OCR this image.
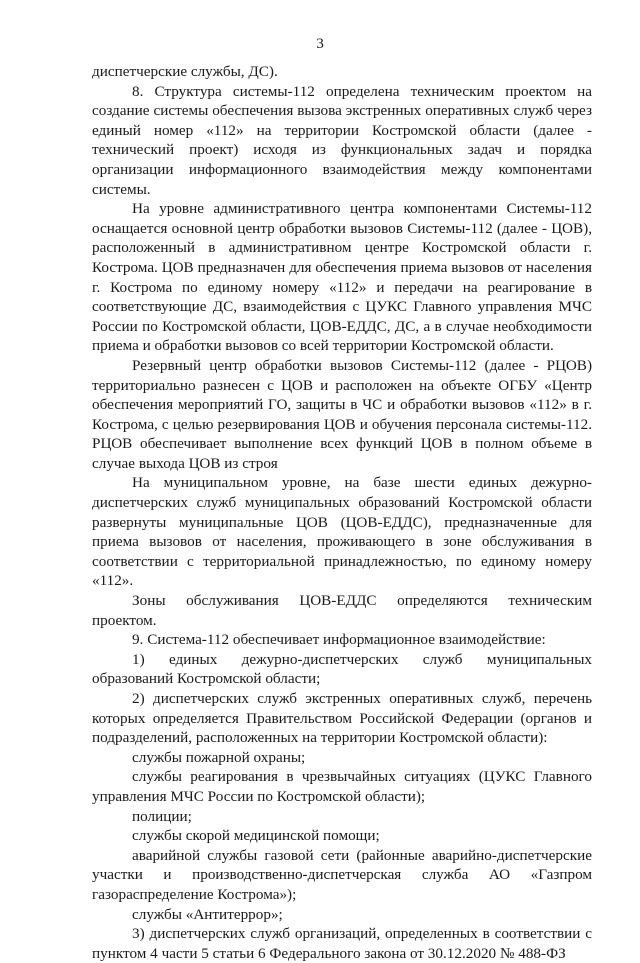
3

диспетчерские службы, ДС).

8. Структура системы-112 определена техническим проектом на создание системы обеспечения вызова экстренных оперативных служб через единый номер «112» на территории Костромской области (далее - технический проект) исходя из функциональных задач и порядка организации информационного взаимодействия между компонентами системы.

На уровне административного центра компонентами Системы-112 оснащается основной центр обработки вызовов Системы-112 (далее - ЦОВ), расположенный в административном центре Костромской области г. Кострома. ЦОВ предназначен для обеспечения приема вызовов от населения г. Кострома по единому номеру «112» и передачи на реагирование в соответствующие ДС, взаимодействия с ЦУКС Главного управления МЧС России по Костромской области, ЦОВ-ЕДДС, ДС, а в случае необходимости приема и обработки вызовов со всей территории Костромской области.

Резервный центр обработки вызовов Системы-112 (далее - РЦОВ) территориально разнесен с ЦОВ и расположен на объекте ОГБУ «Центр обеспечения мероприятий ГО, защиты в ЧС и обработки вызовов «112» в г. Кострома, с целью резервирования ЦОВ и обучения персонала системы-112. РЦОВ обеспечивает выполнение всех функций ЦОВ в полном объеме в случае выхода ЦОВ из строя

На муниципальном уровне, на базе шести единых дежурно-диспетчерских служб муниципальных образований Костромской области развернуты муниципальные ЦОВ (ЦОВ-ЕДДС), предназначенные для приема вызовов от населения, проживающего в зоне обслуживания в соответствии с территориальной принадлежностью, по единому номеру «112».

Зоны обслуживания ЦОВ-ЕДДС определяются техническим проектом.

9. Система-112 обеспечивает информационное взаимодействие:

1) единых дежурно-диспетчерских служб муниципальных образований Костромской области;

2) диспетчерских служб экстренных оперативных служб, перечень которых определяется Правительством Российской Федерации (органов и подразделений, расположенных на территории Костромской области):

службы пожарной охраны;

службы реагирования в чрезвычайных ситуациях (ЦУКС Главного управления МЧС России по Костромской области);

полиции;

службы скорой медицинской помощи;

аварийной службы газовой сети (районные аварийно-диспетчерские участки и производственно-диспетчерская служба АО «Газпром газораспределение Кострома»);

службы «Антитеррор»;

3) диспетчерских служб организаций, определенных в соответствии с пунктом 4 части 5 статьи 6 Федерального закона от 30.12.2020 № 488-ФЗ
